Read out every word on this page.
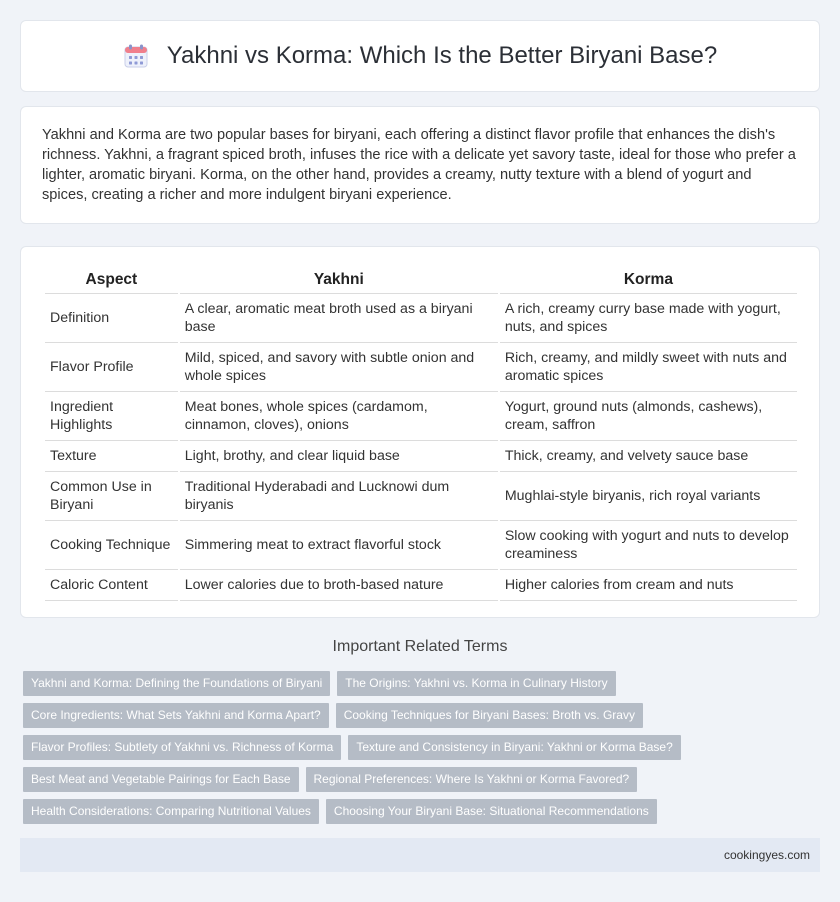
Yakhni vs Korma: Which Is the Better Biryani Base?

Yakhni and Korma are two popular bases for biryani, each offering a distinct flavor profile that enhances the dish's richness. Yakhni, a fragrant spiced broth, infuses the rice with a delicate yet savory taste, ideal for those who prefer a lighter, aromatic biryani. Korma, on the other hand, provides a creamy, nutty texture with a blend of yogurt and spices, creating a richer and more indulgent biryani experience.

Aspect	Yakhni	Korma
Definition	A clear, aromatic meat broth used as a biryani base	A rich, creamy curry base made with yogurt, nuts, and spices
Flavor Profile	Mild, spiced, and savory with subtle onion and whole spices	Rich, creamy, and mildly sweet with nuts and aromatic spices
Ingredient Highlights	Meat bones, whole spices (cardamom, cinnamon, cloves), onions	Yogurt, ground nuts (almonds, cashews), cream, saffron
Texture	Light, brothy, and clear liquid base	Thick, creamy, and velvety sauce base
Common Use in Biryani	Traditional Hyderabadi and Lucknowi dum biryanis	Mughlai-style biryanis, rich royal variants
Cooking Technique	Simmering meat to extract flavorful stock	Slow cooking with yogurt and nuts to develop creaminess
Caloric Content	Lower calories due to broth-based nature	Higher calories from cream and nuts
Important Related Terms
Yakhni and Korma: Defining the Foundations of Biryani	The Origins: Yakhni vs. Korma in Culinary History
Core Ingredients: What Sets Yakhni and Korma Apart?	Cooking Techniques for Biryani Bases: Broth vs. Gravy
Flavor Profiles: Subtlety of Yakhni vs. Richness of Korma	Texture and Consistency in Biryani: Yakhni or Korma Base?
Best Meat and Vegetable Pairings for Each Base	Regional Preferences: Where Is Yakhni or Korma Favored?
Health Considerations: Comparing Nutritional Values	Choosing Your Biryani Base: Situational Recommendations
cookingyes.com
